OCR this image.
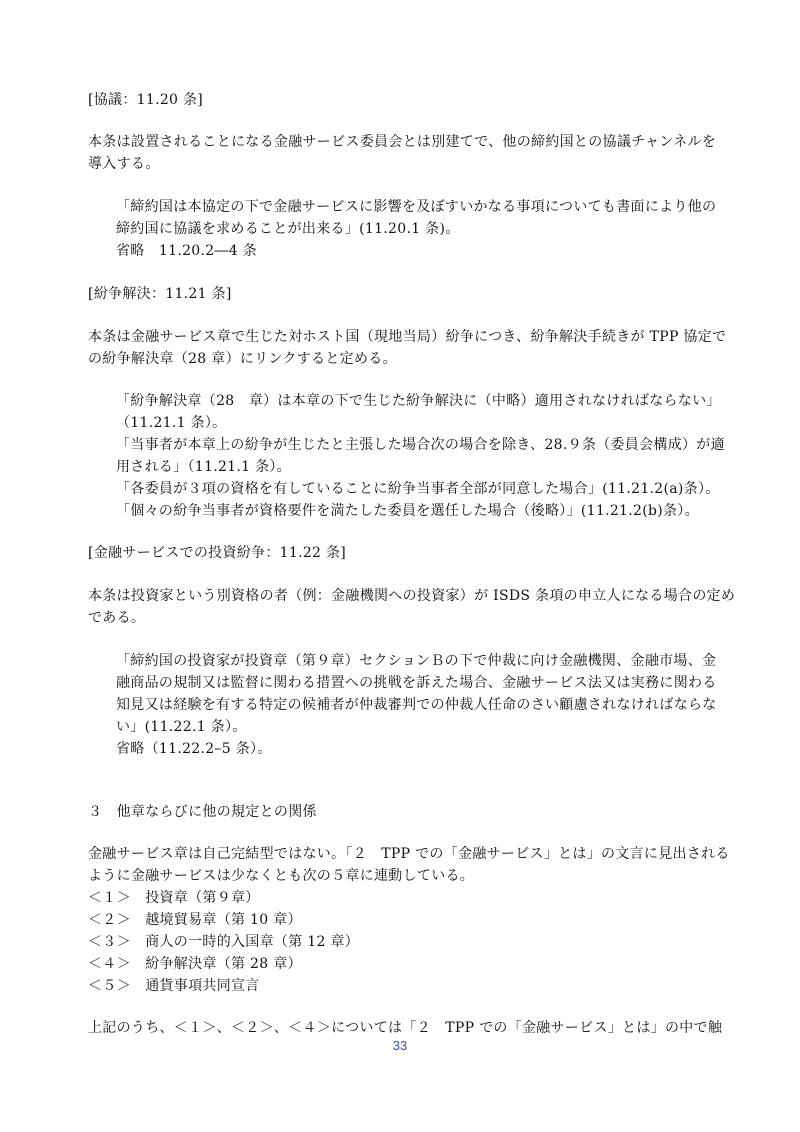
[協議：11.20 条]
本条は設置されることになる金融サービス委員会とは別建てで、他の締約国との協議チャンネルを
導入する。
「締約国は本協定の下で金融サービスに影響を及ぼすいかなる事項についても書面により他の
締約国に協議を求めることが出来る」(11.20.1 条)。
省略　11.20.2―4 条
[紛争解決：11.21 条]
本条は金融サービス章で生じた対ホスト国（現地当局）紛争につき、紛争解決手続きが TPP 協定で
の紛争解決章（28 章）にリンクすると定める。
「紛争解決章（28　章）は本章の下で生じた紛争解決に（中略）適用されなければならない」
（11.21.1 条）。
「当事者が本章上の紛争が生じたと主張した場合次の場合を除き、28.９条（委員会構成）が適
用される」（11.21.1 条）。
「各委員が３項の資格を有していることに紛争当事者全部が同意した場合」(11.21.2(a)条）。
「個々の紛争当事者が資格要件を満たした委員を選任した場合（後略）」(11.21.2(b)条）。
[金融サービスでの投資紛争：11.22 条]
本条は投資家という別資格の者（例：金融機関への投資家）が ISDS 条項の申立人になる場合の定め
である。
「締約国の投資家が投資章（第９章）セクションＢの下で仲裁に向け金融機関、金融市場、金
融商品の規制又は監督に関わる措置への挑戦を訴えた場合、金融サービス法又は実務に関わる
知見又は経験を有する特定の候補者が仲裁審判での仲裁人任命のさい顧慮されなければならな
い」(11.22.1 条）。
省略（11.22.2–5 条）。
３　他章ならびに他の規定との関係
金融サービス章は自己完結型ではない。「２　TPP での「金融サービス」とは」の文言に見出される
ように金融サービスは少なくとも次の５章に連動している。
＜１＞　投資章（第９章）
＜２＞　越境貿易章（第 10 章）
＜３＞　商人の一時的入国章（第 12 章）
＜４＞　紛争解決章（第 28 章）
＜５＞　通貨事項共同宣言
上記のうち、＜１＞、＜２＞、＜４＞については「２　TPP での「金融サービス」とは」の中で触
33
